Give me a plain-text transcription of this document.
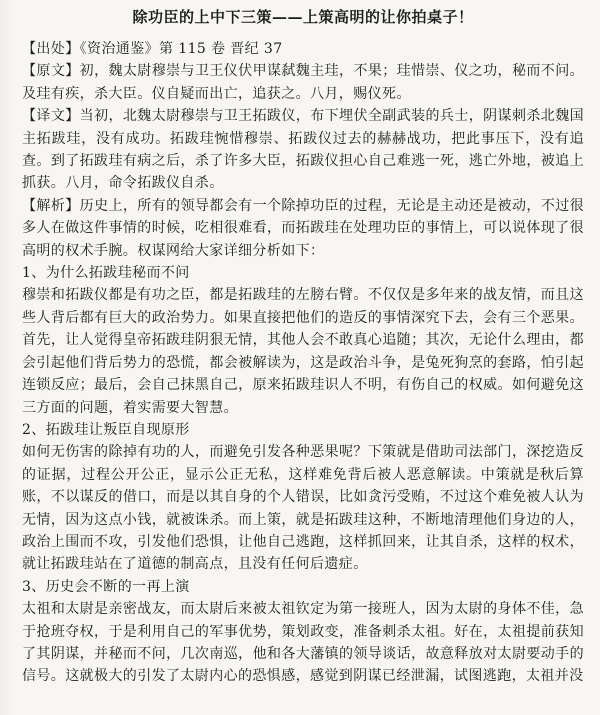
除功臣的上中下三策——上策高明的让你拍桌子！

【出处】《资治通鉴》第 115 卷 晋纪 37

【原文】初，魏太尉穆崇与卫王仪伏甲谋弑魏主珪，不果；珪惜崇、仪之功，秘而不问。及珪有疾，杀大臣。仪自疑而出亡，追获之。八月，赐仪死。

【译文】当初，北魏太尉穆崇与卫王拓跋仪，布下埋伏全副武装的兵士，阴谋刺杀北魏国主拓跋珪，没有成功。拓跋珪惋惜穆崇、拓跋仪过去的赫赫战功，把此事压下，没有追查。到了拓跋珪有病之后，杀了许多大臣，拓跋仪担心自己难逃一死，逃亡外地，被追上抓获。八月，命令拓跋仪自杀。

【解析】历史上，所有的领导都会有一个除掉功臣的过程，无论是主动还是被动，不过很多人在做这件事情的时候，吃相很难看，而拓跋珪在处理功臣的事情上，可以说体现了很高明的权术手腕。权谋网给大家详细分析如下：

1、为什么拓跋珪秘而不问

穆崇和拓跋仪都是有功之臣，都是拓跋珪的左膀右臂。不仅仅是多年来的战友情，而且这些人背后都有巨大的政治势力。如果直接把他们的造反的事情深究下去，会有三个恶果。首先，让人觉得皇帝拓跋珪阴狠无情，其他人会不敢真心追随；其次，无论什么理由，都会引起他们背后势力的恐慌，都会被解读为，这是政治斗争，是兔死狗烹的套路，怕引起连锁反应；最后，会自己抹黑自己，原来拓跋珪识人不明，有伤自己的权威。如何避免这三方面的问题，着实需要大智慧。

2、拓跋珪让叛臣自现原形

如何无伤害的除掉有功的人，而避免引发各种恶果呢？下策就是借助司法部门，深挖造反的证据，过程公开公正，显示公正无私，这样难免背后被人恶意解读。中策就是秋后算账，不以谋反的借口，而是以其自身的个人错误，比如贪污受贿，不过这个难免被人认为无情，因为这点小钱，就被诛杀。而上策，就是拓跋珪这种，不断地清理他们身边的人，政治上围而不攻，引发他们恐惧，让他自己逃跑，这样抓回来，让其自杀，这样的权术，就让拓跋珪站在了道德的制高点，且没有任何后遗症。

3、历史会不断的一再上演

太祖和太尉是亲密战友，而太尉后来被太祖钦定为第一接班人，因为太尉的身体不佳，急于抢班夺权，于是利用自己的军事优势，策划政变，准备刺杀太祖。好在，太祖提前获知了其阴谋，并秘而不问，几次南巡，他和各大藩镇的领导谈话，故意释放对太尉要动手的信号。这就极大的引发了太尉内心的恐惧感，感觉到阴谋已经泄漏，试图逃跑，太祖并没
